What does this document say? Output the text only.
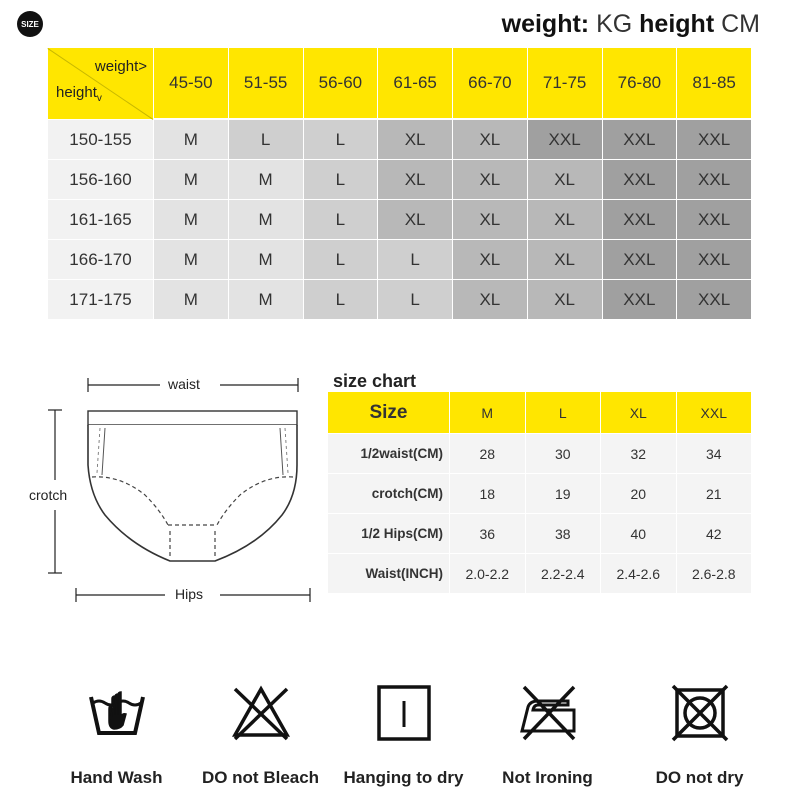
SIZE	weight: KG height CM
weight>
height$_v$
45-50	51-55	56-60	61-65	66-70	71-75	76-80	81-85
150-155	M	L	L	XL	XL	XXL	XXL	XXL
156-160	M	M	L	XL	XL	XL	XXL	XXL
161-165	M	M	L	XL	XL	XL	XXL	XXL
166-170	M	M	L	L	XL	XL	XXL	XXL
171-175	M	M	L	L	XL	XL	XXL	XXL
waist
crotch
Hips
size chart
Size	M	L	XL	XXL
1/2waist(CM)	28	30	32	34
crotch(CM)	18	19	20	21
1/2 Hips(CM)	36	38	40	42
Waist(INCH)	2.0-2.2	2.2-2.4	2.4-2.6	2.6-2.8
Hand Wash DO not Bleach Hanging to dry Not Ironing	DO not dry
